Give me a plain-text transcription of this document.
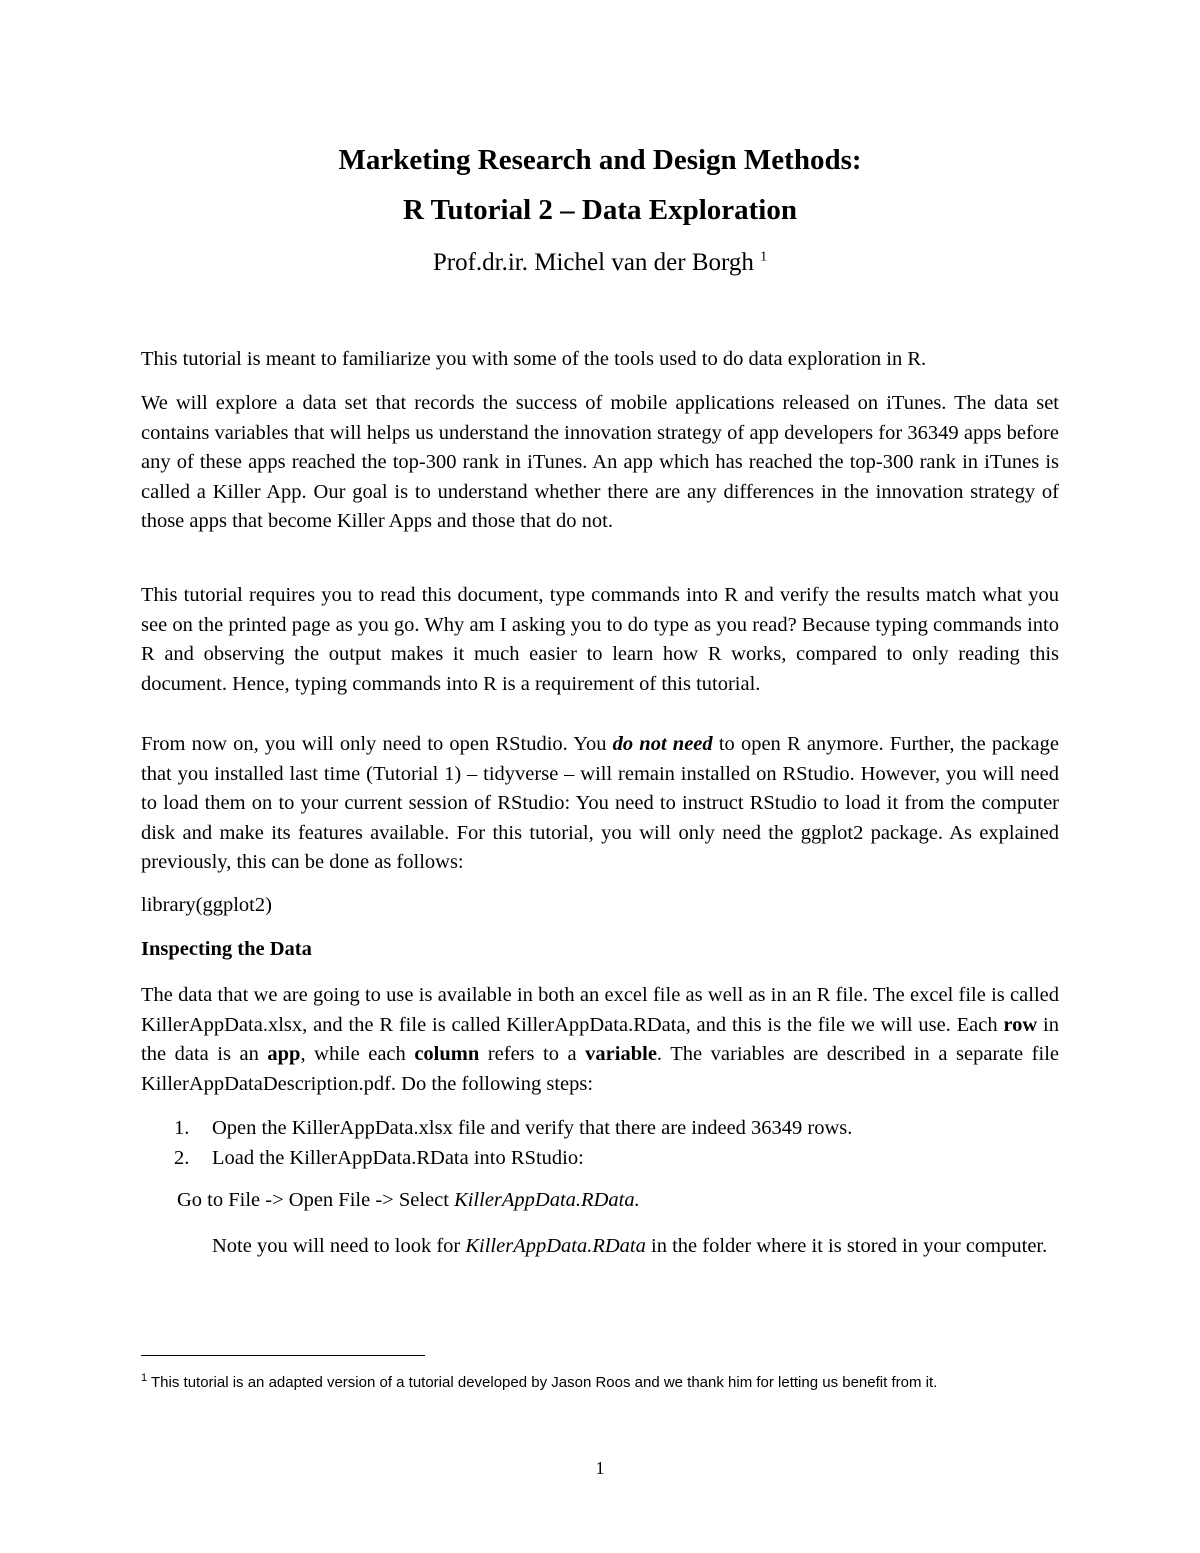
Marketing Research and Design Methods:
R Tutorial 2 – Data Exploration
Prof.dr.ir. Michel van der Borgh $^1$

This tutorial is meant to familiarize you with some of the tools used to do data exploration in R.

We will explore a data set that records the success of mobile applications released on iTunes. The data set contains variables that will helps us understand the innovation strategy of app developers for 36349 apps before any of these apps reached the top-300 rank in iTunes. An app which has reached the top-300 rank in iTunes is called a Killer App. Our goal is to understand whether there are any differences in the innovation strategy of those apps that become Killer Apps and those that do not.

This tutorial requires you to read this document, type commands into R and verify the results match what you see on the printed page as you go. Why am I asking you to do type as you read? Because typing commands into R and observing the output makes it much easier to learn how R works, compared to only reading this document. Hence, typing commands into R is a requirement of this tutorial.

From now on, you will only need to open RStudio. You do not need to open R anymore. Further, the package that you installed last time (Tutorial 1) – tidyverse – will remain installed on RStudio. However, you will need to load them on to your current session of RStudio: You need to instruct RStudio to load it from the computer disk and make its features available. For this tutorial, you will only need the ggplot2 package. As explained previously, this can be done as follows:

library(ggplot2)

Inspecting the Data

The data that we are going to use is available in both an excel file as well as in an R file. The excel file is called KillerAppData.xlsx, and the R file is called KillerAppData.RData, and this is the file we will use. Each row in the data is an app, while each column refers to a variable. The variables are described in a separate file KillerAppDataDescription.pdf. Do the following steps:

1. Open the KillerAppData.xlsx file and verify that there are indeed 36349 rows.
2. Load the KillerAppData.RData into RStudio:

Go to File -> Open File -> Select KillerAppData.RData.

Note you will need to look for KillerAppData.RData in the folder where it is stored in your computer.

$^1$ This tutorial is an adapted version of a tutorial developed by Jason Roos and we thank him for letting us benefit from it.
1
